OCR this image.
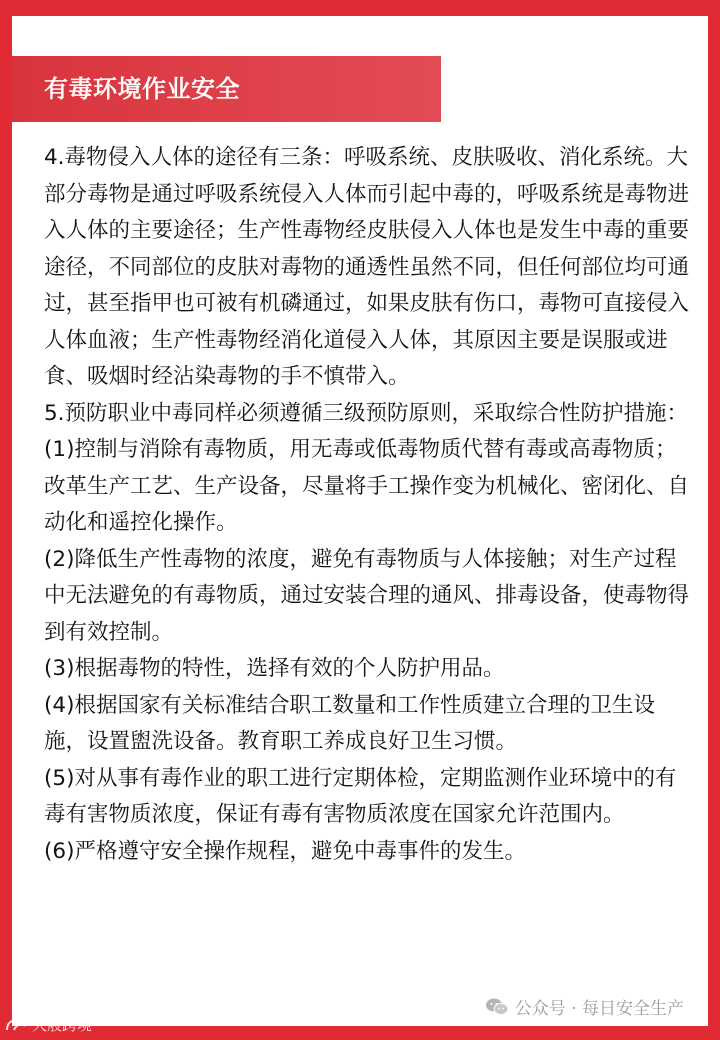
有毒环境作业安全

4.毒物侵入人体的途径有三条：呼吸系统、皮肤吸收、消化系统。大部分毒物是通过呼吸系统侵入人体而引起中毒的，呼吸系统是毒物进入人体的主要途径；生产性毒物经皮肤侵入人体也是发生中毒的重要途径，不同部位的皮肤对毒物的通透性虽然不同，但任何部位均可通过，甚至指甲也可被有机磷通过，如果皮肤有伤口，毒物可直接侵入人体血液；生产性毒物经消化道侵入人体，其原因主要是误服或进食、吸烟时经沾染毒物的手不慎带入。

5.预防职业中毒同样必须遵循三级预防原则，采取综合性防护措施：

(1)控制与消除有毒物质，用无毒或低毒物质代替有毒或高毒物质；改革生产工艺、生产设备，尽量将手工操作变为机械化、密闭化、自动化和遥控化操作。

(2)降低生产性毒物的浓度，避免有毒物质与人体接触；对生产过程中无法避免的有毒物质，通过安装合理的通风、排毒设备，使毒物得到有效控制。

(3)根据毒物的特性，选择有效的个人防护用品。

(4)根据国家有关标准结合职工数量和工作性质建立合理的卫生设施，设置盥洗设备。教育职工养成良好卫生习惯。

(5)对从事有毒作业的职工进行定期体检，定期监测作业环境中的有毒有害物质浓度，保证有毒有害物质浓度在国家允许范围内。

(6)严格遵守安全操作规程，避免中毒事件的发生。

公众号 · 每日安全生产
大般跨境
